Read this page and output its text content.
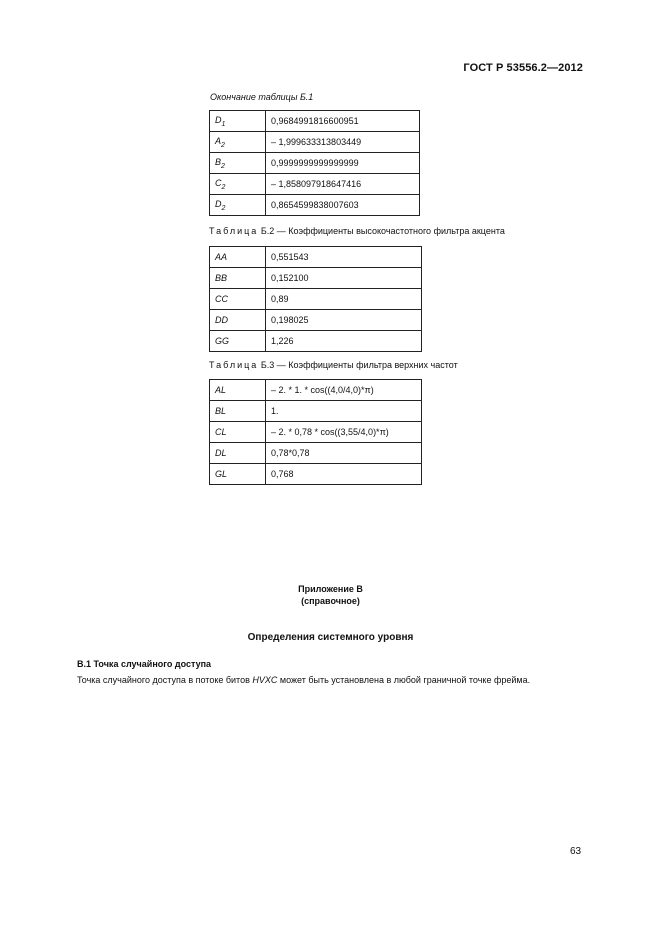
ГОСТ Р 53556.2—2012
Окончание таблицы Б.1
$D_1$	0,9684991816600951
$A_2$	– 1,999633313803449
$B_2$	0,9999999999999999
$C_2$	– 1,858097918647416
$D_2$	0,8654599838007603
Таблица Б.2 — Коэффициенты высокочастотного фильтра акцента
AA	0,551543
BB	0,152100
CC	0,89
DD	0,198025
GG	1,226
Таблица Б.3 — Коэффициенты фильтра верхних частот
AL	– 2. * 1. * cos((4,0/4,0)*π)
BL	1.
CL	– 2. * 0,78 * cos((3,55/4,0)*π)
DL	0,78*0,78
GL	0,768
Приложение В
(справочное)
Определения системного уровня
В.1 Точка случайного доступа
Точка случайного доступа в потоке битов HVXC может быть установлена в любой граничной точке фрейма.
63
